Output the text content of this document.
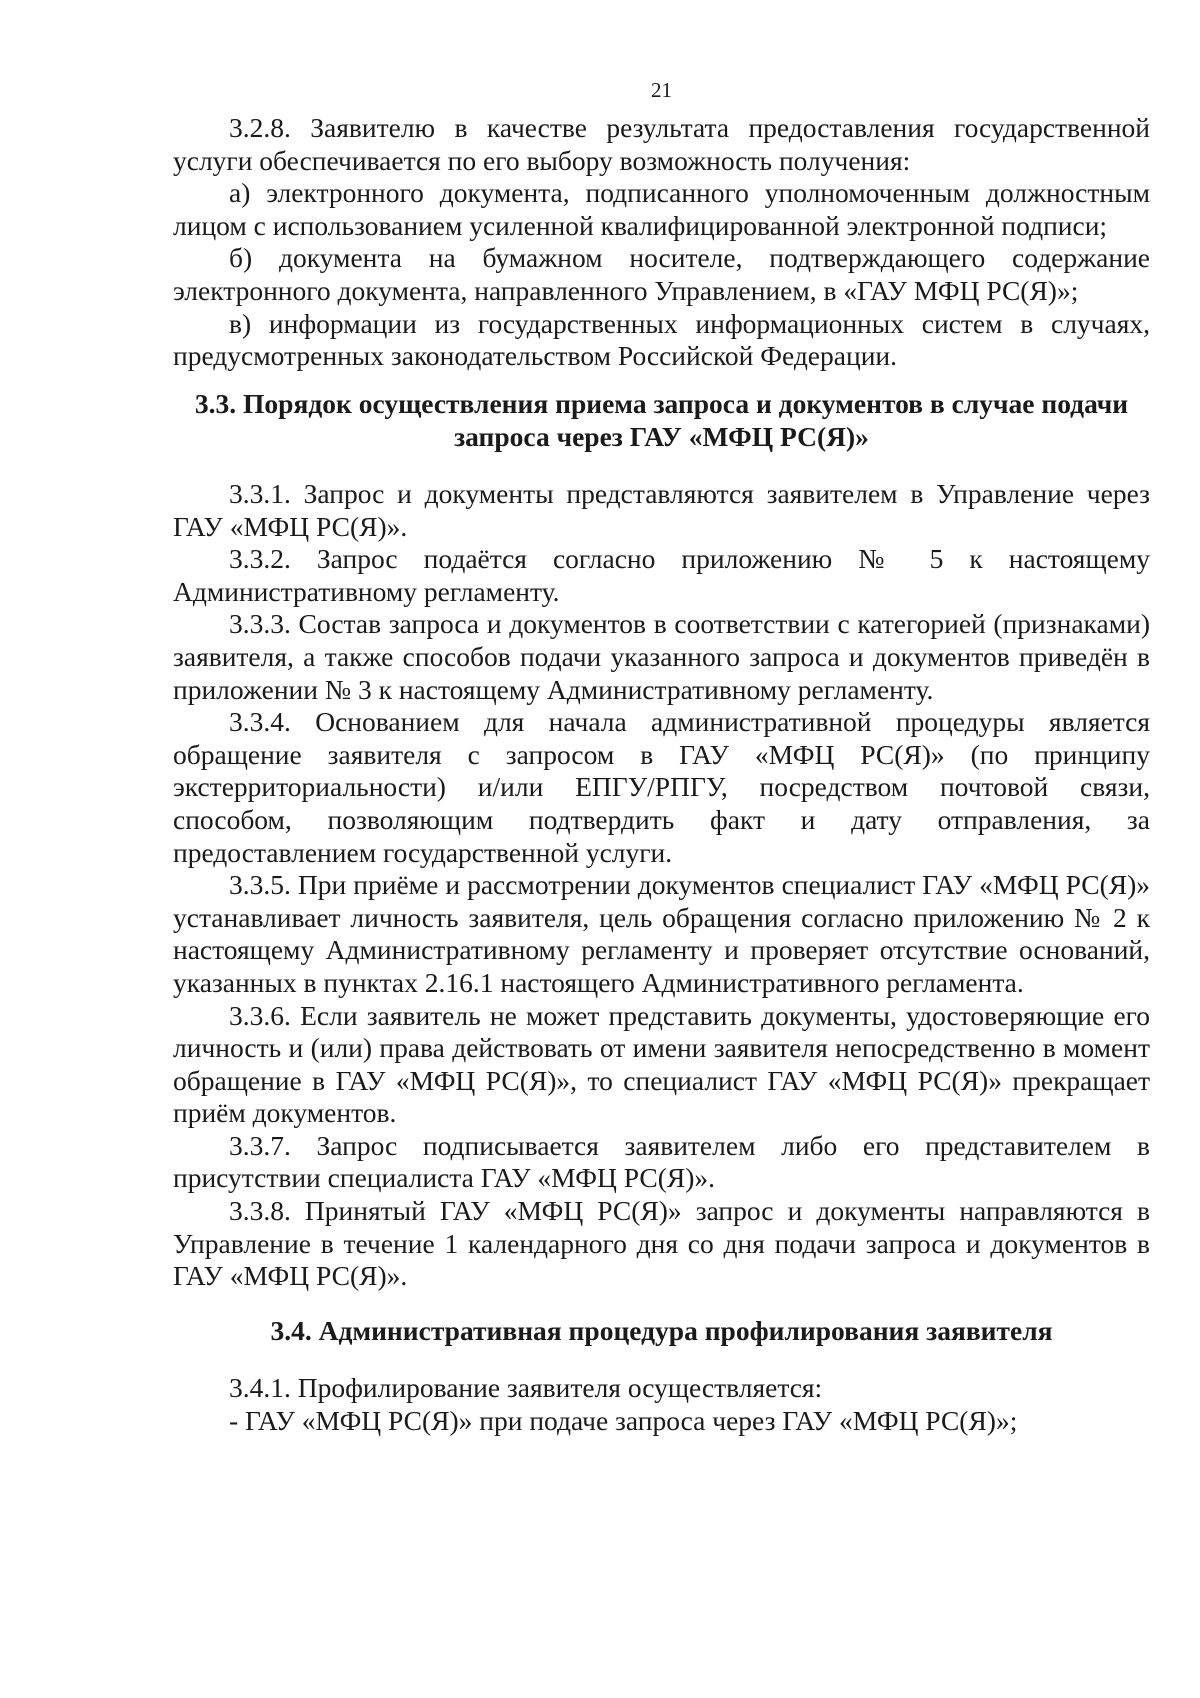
21

3.2.8. Заявителю в качестве результата предоставления государственной услуги обеспечивается по его выбору возможность получения:

а) электронного документа, подписанного уполномоченным должностным лицом с использованием усиленной квалифицированной электронной подписи;

б) документа на бумажном носителе, подтверждающего содержание электронного документа, направленного Управлением, в «ГАУ МФЦ РС(Я)»;

в) информации из государственных информационных систем в случаях, предусмотренных законодательством Российской Федерации.

3.3. Порядок осуществления приема запроса и документов в случае подачи запроса через ГАУ «МФЦ РС(Я)»

3.3.1. Запрос и документы представляются заявителем в Управление через ГАУ «МФЦ РС(Я)».

3.3.2. Запрос подаётся согласно приложению № 5 к настоящему Административному регламенту.

3.3.3. Состав запроса и документов в соответствии с категорией (признаками) заявителя, а также способов подачи указанного запроса и документов приведён в приложении № 3 к настоящему Административному регламенту.

3.3.4. Основанием для начала административной процедуры является обращение заявителя с запросом в ГАУ «МФЦ РС(Я)» (по принципу экстерриториальности) и/или ЕПГУ/РПГУ, посредством почтовой связи, способом, позволяющим подтвердить факт и дату отправления, за предоставлением государственной услуги.

3.3.5. При приёме и рассмотрении документов специалист ГАУ «МФЦ РС(Я)» устанавливает личность заявителя, цель обращения согласно приложению № 2 к настоящему Административному регламенту и проверяет отсутствие оснований, указанных в пунктах 2.16.1 настоящего Административного регламента.

3.3.6. Если заявитель не может представить документы, удостоверяющие его личность и (или) права действовать от имени заявителя непосредственно в момент обращение в ГАУ «МФЦ РС(Я)», то специалист ГАУ «МФЦ РС(Я)» прекращает приём документов.

3.3.7. Запрос подписывается заявителем либо его представителем в присутствии специалиста ГАУ «МФЦ РС(Я)».

3.3.8. Принятый ГАУ «МФЦ РС(Я)» запрос и документы направляются в Управление в течение 1 календарного дня со дня подачи запроса и документов в ГАУ «МФЦ РС(Я)».

3.4. Административная процедура профилирования заявителя

3.4.1. Профилирование заявителя осуществляется:

- ГАУ «МФЦ РС(Я)» при подаче запроса через ГАУ «МФЦ РС(Я)»;
